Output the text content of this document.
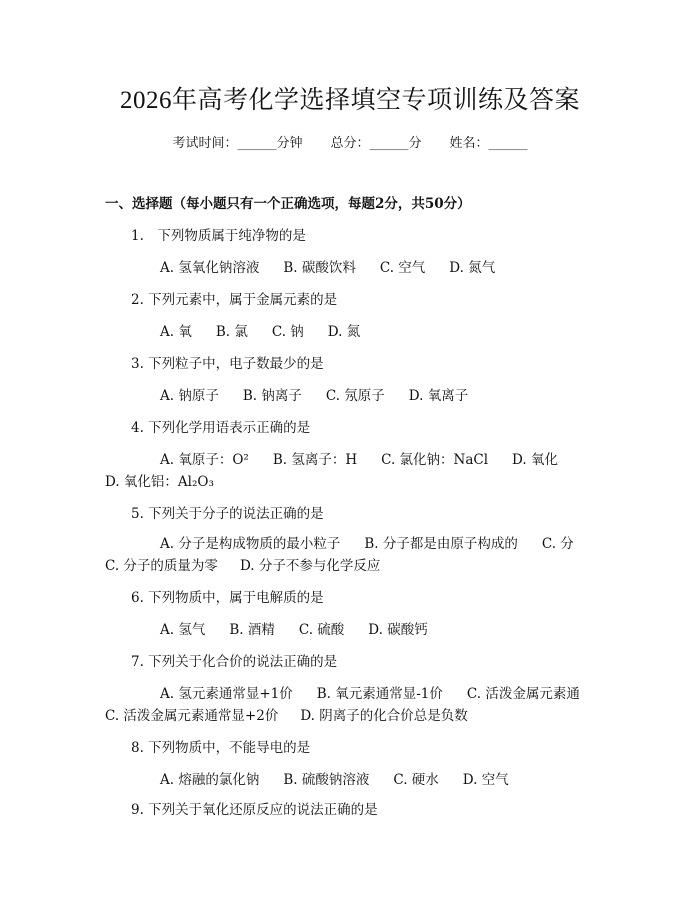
2026年高考化学选择填空专项训练及答案
考试时间：______分钟 总分：______分 姓名：______
一、选择题（每小题只有一个正确选项，每题2分，共50分）
1.　下列物质属于纯净物的是
A. 氢氧化钠溶液 B. 碳酸饮料 C. 空气 D. 氮气
2. 下列元素中，属于金属元素的是
A. 氧 B. 氯 C. 钠 D. 氮
3. 下列粒子中，电子数最少的是
A. 钠原子 B. 钠离子 C. 氖原子 D. 氧离子
4. 下列化学用语表示正确的是
A. 氧原子：O² B. 氢离子：H C. 氯化钠：NaCl D. 氧化
D. 氧化铝：Al₂O₃
5. 下列关于分子的说法正确的是
A. 分子是构成物质的最小粒子 B. 分子都是由原子构成的 C. 分
C. 分子的质量为零 D. 分子不参与化学反应
6. 下列物质中，属于电解质的是
A. 氢气 B. 酒精 C. 硫酸 D. 碳酸钙
7. 下列关于化合价的说法正确的是
A. 氢元素通常显+1价 B. 氧元素通常显-1价 C. 活泼金属元素通
C. 活泼金属元素通常显+2价 D. 阴离子的化合价总是负数
8. 下列物质中，不能导电的是
A. 熔融的氯化钠 B. 硫酸钠溶液 C. 硬水 D. 空气
9. 下列关于氧化还原反应的说法正确的是
